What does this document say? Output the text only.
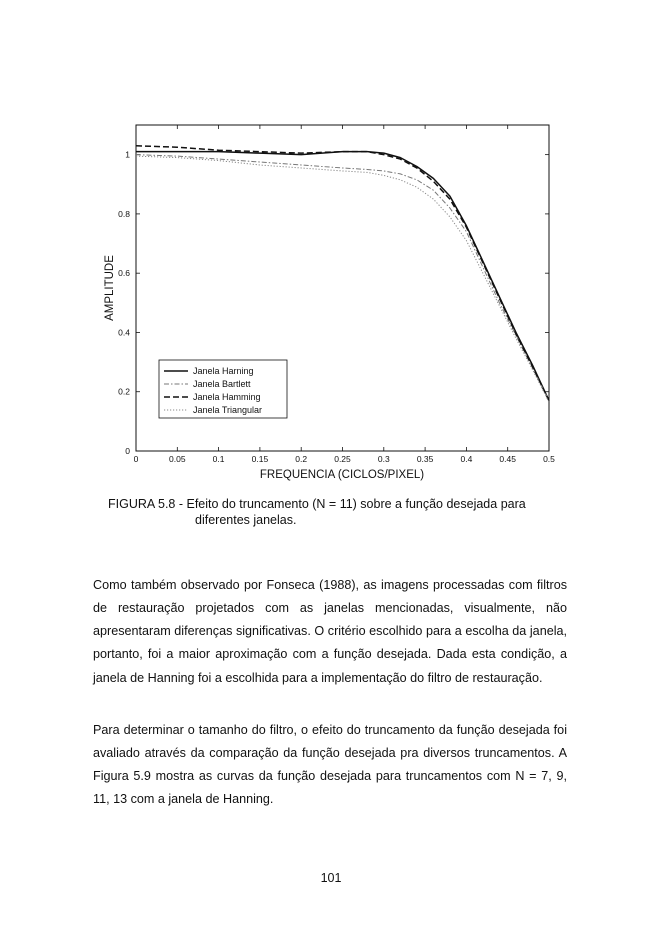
0	0.05	0.1	0.15	0.2	0.25	0.3	0.35	0.4	0.45	0.5
0
0.2
0.4
0.6
0.8
1
FREQUENCIA (CICLOS/PIXEL)
AMPLITUDE
Janela Harning
Janela Bartlett
Janela Hamming
Janela Triangular
FIGURA 5.8 - Efeito do truncamento (N = 11) sobre a função desejada para
diferentes janelas.

Como também observado por Fonseca (1988), as imagens processadas com filtros de restauração projetados com as janelas mencionadas, visualmente, não apresentaram diferenças significativas. O critério escolhido para a escolha da janela, portanto, foi a maior aproximação com a função desejada. Dada esta condição, a janela de Hanning foi a escolhida para a implementação do filtro de restauração.

Para determinar o tamanho do filtro, o efeito do truncamento da função desejada foi avaliado através da comparação da função desejada pra diversos truncamentos. A Figura 5.9 mostra as curvas da função desejada para truncamentos com N = 7, 9, 11, 13 com a janela de Hanning.

101
